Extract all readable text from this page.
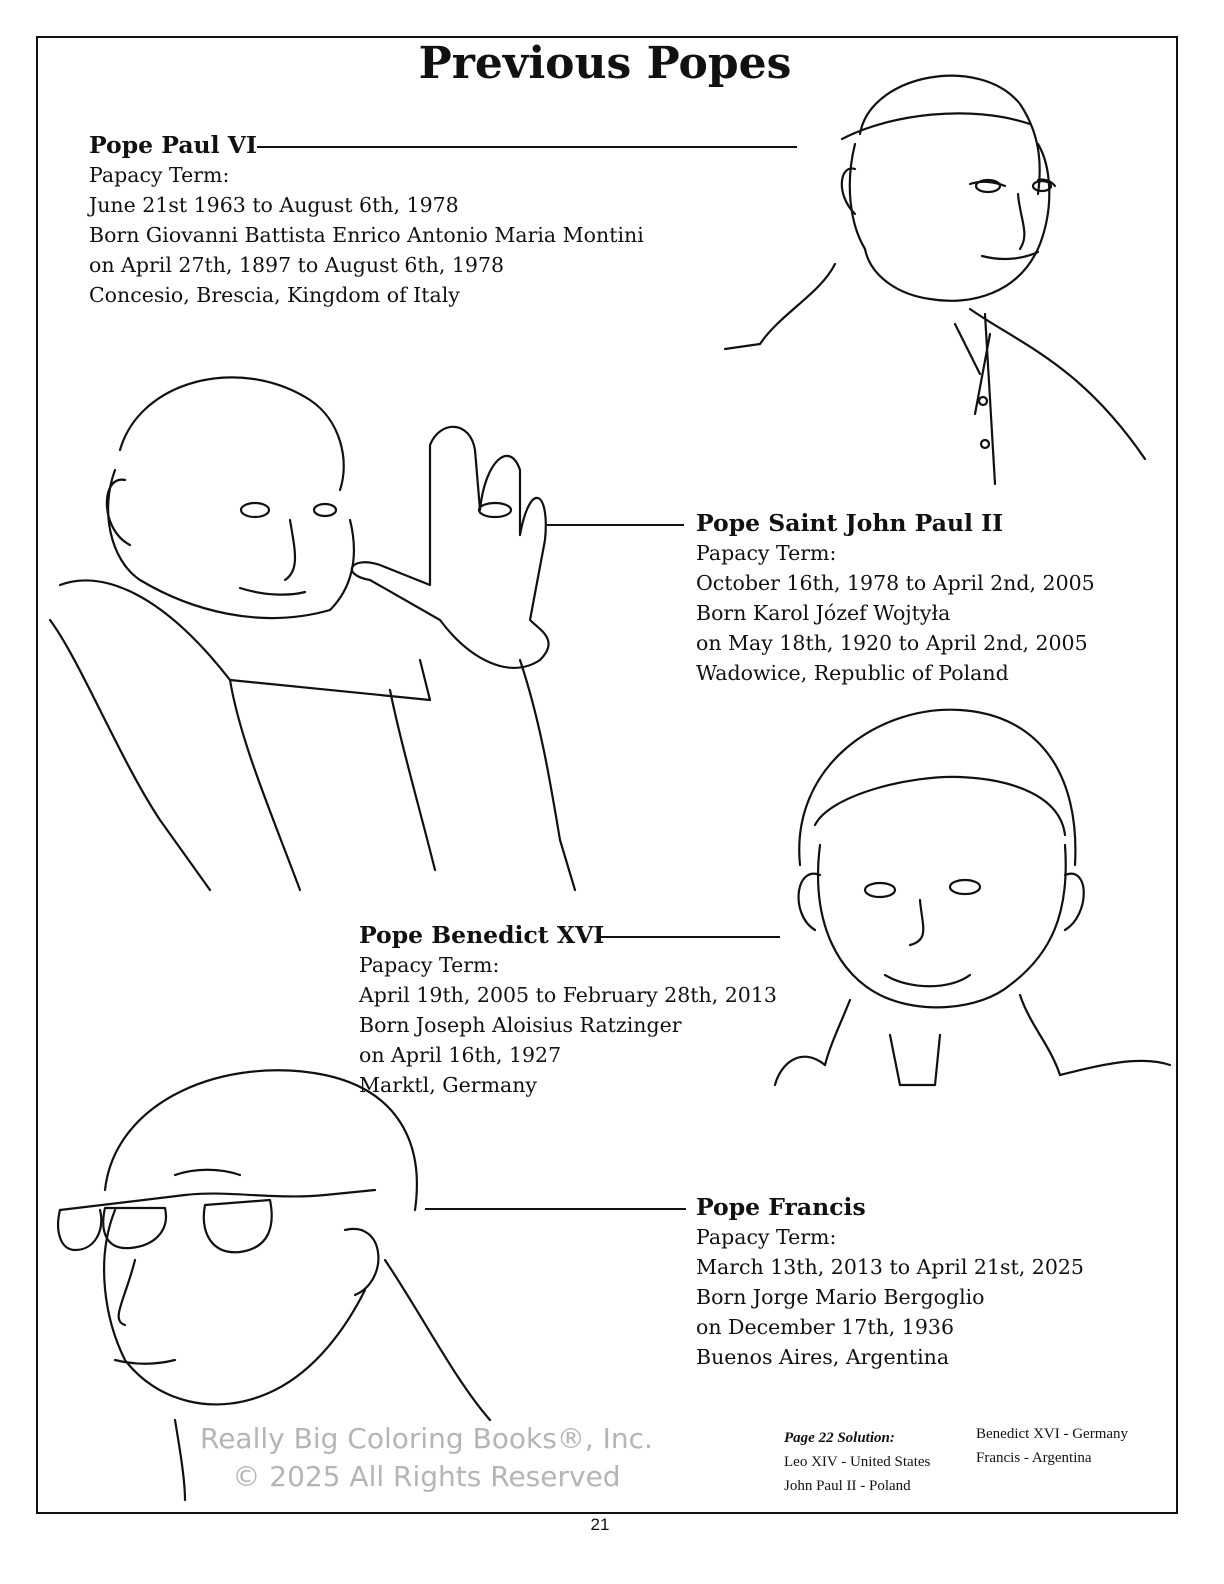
Previous Popes
Pope Paul VI
Papacy Term:
June 21st 1963 to August 6th, 1978
Born Giovanni Battista Enrico Antonio Maria Montini
on April 27th, 1897 to August 6th, 1978
Concesio, Brescia, Kingdom of Italy
Pope Saint John Paul II
Papacy Term:
October 16th, 1978 to April 2nd, 2005
Born Karol Józef Wojtyła
on May 18th, 1920 to April 2nd, 2005
Wadowice, Republic of Poland
Pope Benedict XVI
Papacy Term:
April 19th, 2005 to February 28th, 2013
Born Joseph Aloisius Ratzinger
on April 16th, 1927
Marktl, Germany
Pope Francis
Papacy Term:
March 13th, 2013 to April 21st, 2025
Born Jorge Mario Bergoglio
on December 17th, 1936
Buenos Aires, Argentina
Really Big Coloring Books®, Inc.
© 2025 All Rights Reserved
Page 22 Solution:
Leo XIV - United States
John Paul II - Poland
Benedict XVI - Germany
Francis - Argentina
21
